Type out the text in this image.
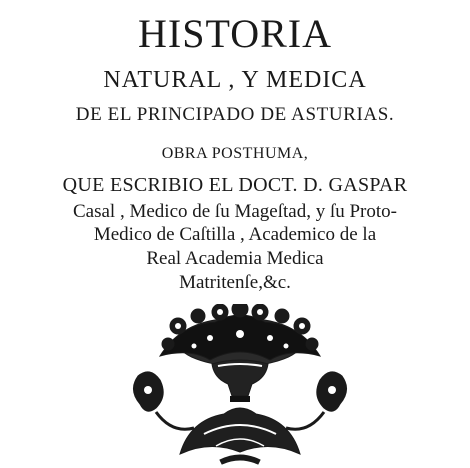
HISTORIA
NATURAL , Y MEDICA
DE EL PRINCIPADO DE ASTURIAS.
OBRA POSTHUMA,
QUE ESCRIBIO EL DOCT. D. GASPAR
Casal , Medico de ſu Mageſtad, y ſu Proto-
Medico de Caſtilla , Academico de la
Real Academia Medica
Matritenſe,&c.
